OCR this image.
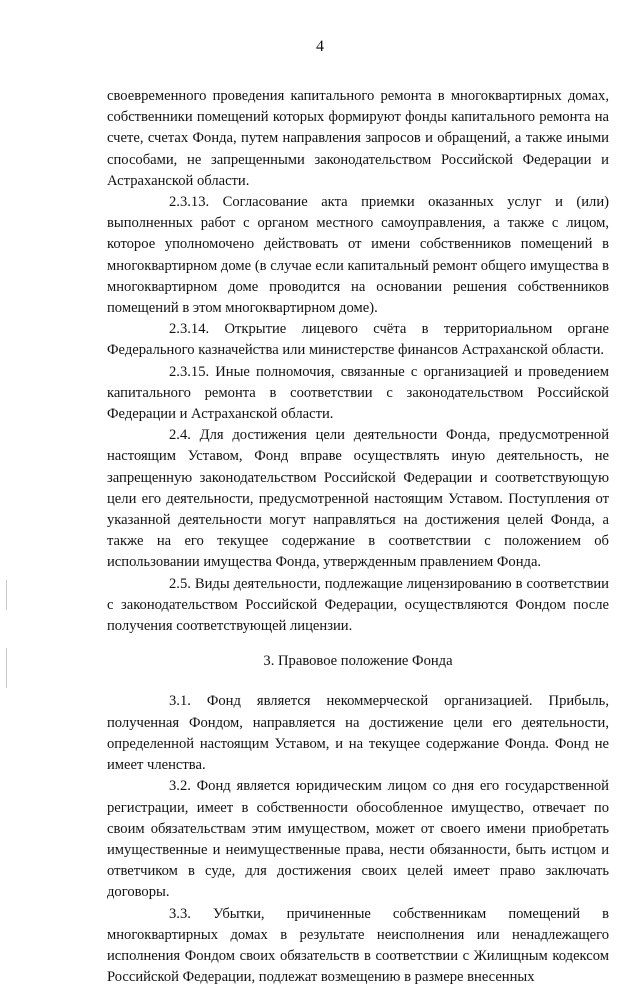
4

своевременного проведения капитального ремонта в многоквартирных домах, собственники помещений которых формируют фонды капитального ремонта на счете, счетах Фонда, путем направления запросов и обращений, а также иными способами, не запрещенными законодательством Российской Федерации и Астраханской области.

2.3.13. Согласование акта приемки оказанных услуг и (или) выполненных работ с органом местного самоуправления, а также с лицом, которое уполномочено действовать от имени собственников помещений в многоквартирном доме (в случае если капитальный ремонт общего имущества в многоквартирном доме проводится на основании решения собственников помещений в этом многоквартирном доме).

2.3.14. Открытие лицевого счёта в территориальном органе Федерального казначейства или министерстве финансов Астраханской области.

2.3.15. Иные полномочия, связанные с организацией и проведением капитального ремонта в соответствии с законодательством Российской Федерации и Астраханской области.

2.4. Для достижения цели деятельности Фонда, предусмотренной настоящим Уставом, Фонд вправе осуществлять иную деятельность, не запрещенную законодательством Российской Федерации и соответствующую цели его деятельности, предусмотренной настоящим Уставом. Поступления от указанной деятельности могут направляться на достижения целей Фонда, а также на его текущее содержание в соответствии с положением об использовании имущества Фонда, утвержденным правлением Фонда.

2.5. Виды деятельности, подлежащие лицензированию в соответствии с законодательством Российской Федерации, осуществляются Фондом после получения соответствующей лицензии.

3. Правовое положение Фонда

3.1. Фонд является некоммерческой организацией. Прибыль, полученная Фондом, направляется на достижение цели его деятельности, определенной настоящим Уставом, и на текущее содержание Фонда. Фонд не имеет членства.

3.2. Фонд является юридическим лицом со дня его государственной регистрации, имеет в собственности обособленное имущество, отвечает по своим обязательствам этим имуществом, может от своего имени приобретать имущественные и неимущественные права, нести обязанности, быть истцом и ответчиком в суде, для достижения своих целей имеет право заключать договоры.

3.3. Убытки, причиненные собственникам помещений в многоквартирных домах в результате неисполнения или ненадлежащего исполнения Фондом своих обязательств в соответствии с Жилищным кодексом Российской Федерации, подлежат возмещению в размере внесенных
